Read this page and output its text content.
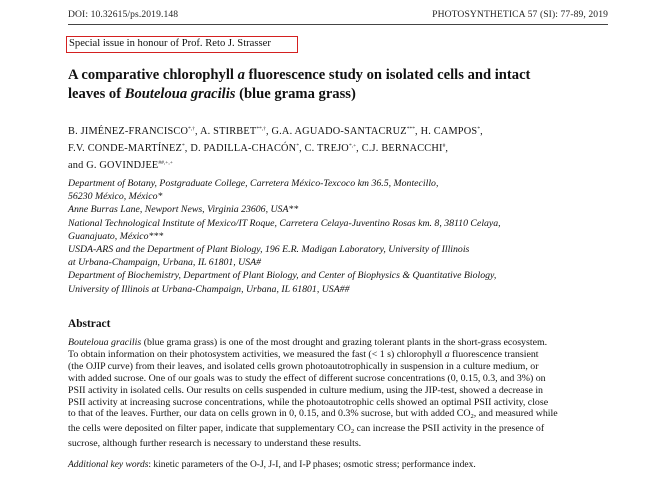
DOI: 10.32615/ps.2019.148	PHOTOSYNTHETICA 57 (SI): 77-89, 2019
Special issue in honour of Prof. Reto J. Strasser
A comparative chlorophyll a fluorescence study on isolated cells and intact
leaves of Bouteloua gracilis (blue grama grass)
B. JIMÉNEZ-FRANCISCO*,†, A. STIRBET**,†, G.A. AGUADO-SANTACRUZ***, H. CAMPOS*,
F.V. CONDE-MARTÍNEZ*, D. PADILLA-CHACÓN*, C. TREJO*,+, C.J. BERNACCHI#,
and G. GOVINDJEE##,+,+
Department of Botany, Postgraduate College, Carretera México-Texcoco km 36.5, Montecillo,
56230 México, México*
Anne Burras Lane, Newport News, Virginia 23606, USA**
National Technological Institute of Mexico/IT Roque, Carretera Celaya-Juventino Rosas km. 8, 38110 Celaya,
Guanajuato, México***
USDA-ARS and the Department of Plant Biology, 196 E.R. Madigan Laboratory, University of Illinois
at Urbana-Champaign, Urbana, IL 61801, USA#
Department of Biochemistry, Department of Plant Biology, and Center of Biophysics & Quantitative Biology,
University of Illinois at Urbana-Champaign, Urbana, IL 61801, USA##
Abstract
Bouteloua gracilis (blue grama grass) is one of the most drought and grazing tolerant plants in the short-grass ecosystem.
To obtain information on their photosystem activities, we measured the fast (< 1 s) chlorophyll a fluorescence transient
(the OJIP curve) from their leaves, and isolated cells grown photoautotrophically in suspension in a culture medium, or
with added sucrose. One of our goals was to study the effect of different sucrose concentrations (0, 0.15, 0.3, and 3%) on
PSII activity in isolated cells. Our results on cells suspended in culture medium, using the JIP-test, showed a decrease in
PSII activity at increasing sucrose concentrations, while the photoautotrophic cells showed an optimal PSII activity, close
to that of the leaves. Further, our data on cells grown in 0, 0.15, and 0.3% sucrose, but with added $CO_2$, and measured while
the cells were deposited on filter paper, indicate that supplementary $CO_2$ can increase the PSII activity in the presence of
sucrose, although further research is necessary to understand these results.
Additional key words: kinetic parameters of the O-J, J-I, and I-P phases; osmotic stress; performance index.
